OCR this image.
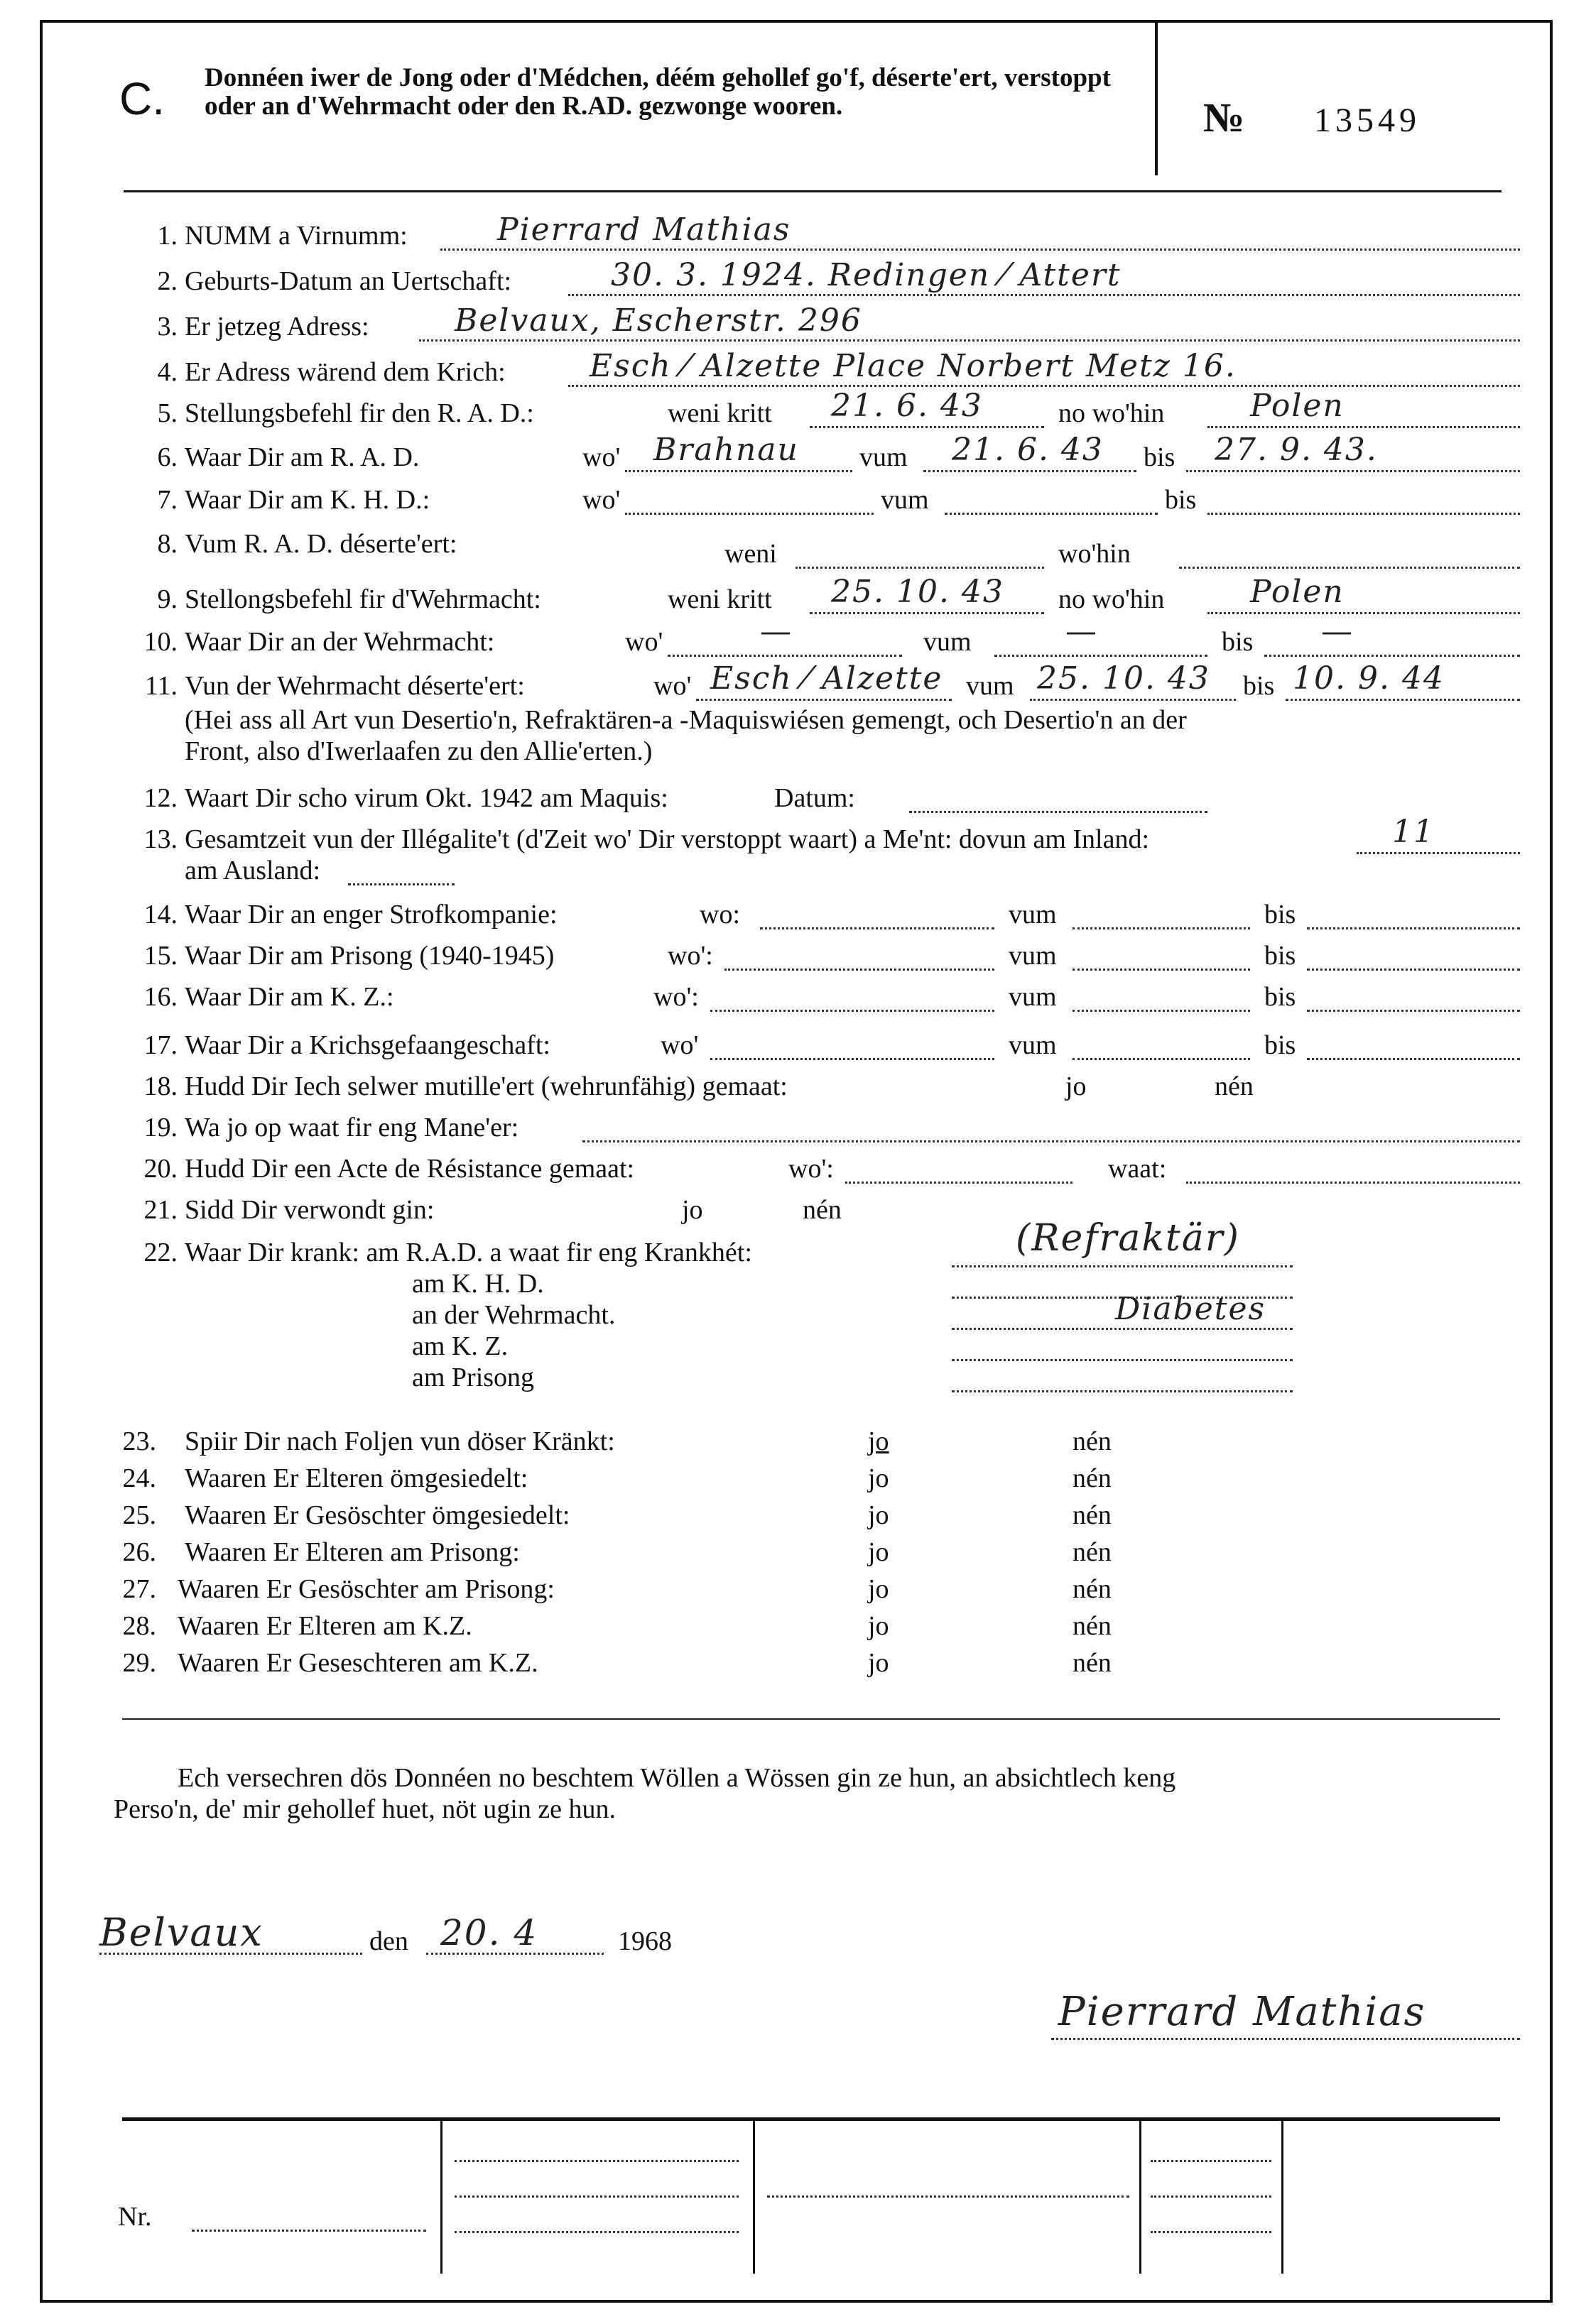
C. Donnéen iwer de Jong oder d'Médchen, déém gehollef go'f, déserte'ert, verstoppt oder an d'Wehrmacht oder den R.AD. gezwonge wooren.	№ 13549
1. NUMM a Virnumm:	Pierrard Mathias
2. Geburts-Datum an Uertschaft:	30. 3. 1924. Redingen ⁄ Attert
3. Er jetzeg Adress:	Belvaux, Escherstr. 296
4. Er Adress wärend dem Krich:	Esch ⁄ Alzette Place Norbert Metz 16.
5. Stellungsbefehl fir den R. A. D.:	weni kritt 21. 6. 43	no wo'hin	Polen
6. Waar Dir am R. A. D.	wo' Brahnau vum 21. 6. 43 bis 27. 9. 43.
7. Waar Dir am K. H. D.:	wo'	vum	bis
8. Vum R. A. D. déserte'ert:	weni	wo'hin
9. Stellongsbefehl fir d'Wehrmacht:	weni kritt 25. 10. 43 no wo'hin	Polen
10. Waar Dir an der Wehrmacht:	wo'	—	vum	—	bis —
11. Vun der Wehrmacht déserte'ert:	wo' Esch ⁄ Alzette vum 25. 10. 43 bis 10. 9. 44
(Hei ass all Art vun Desertio'n, Refraktären-a -Maquiswiésen gemengt, och Desertio'n an der
Front, also d'Iwerlaafen zu den Allie'erten.)
12. Waart Dir scho virum Okt. 1942 am Maquis:	Datum:
13. Gesamtzeit vun der Illégalite't (d'Zeit wo' Dir verstoppt waart) a Me'nt: dovun am Inland:	11
am Ausland:
14. Waar Dir an enger Strofkompanie:	wo:	vum	bis
15. Waar Dir am Prisong (1940-1945)	wo':	vum	bis
16. Waar Dir am K. Z.:	wo':	vum	bis
17. Waar Dir a Krichsgefaangeschaft:	wo'	vum	bis
18. Hudd Dir Iech selwer mutille'ert (wehrunfähig) gemaat:	jo	nén
19. Wa jo op waat fir eng Mane'er:
20. Hudd Dir een Acte de Résistance gemaat:	wo':	waat:
21. Sidd Dir verwondt gin:	jo	nén
22. Waar Dir krank: am R.A.D. a waat fir eng Krankhét:	(Refraktär)
am K. H. D.
an der Wehrmacht.	Diabetes
am K. Z.
am Prisong
23. Spiir Dir nach Foljen vun döser Kränkt:	jo	nén
24. Waaren Er Elteren ömgesiedelt:	jo	nén
25. Waaren Er Gesöschter ömgesiedelt:	jo	nén
26. Waaren Er Elteren am Prisong:	jo	nén
27. Waaren Er Gesöschter am Prisong:	jo	nén
28. Waaren Er Elteren am K.Z.	jo	nén
29. Waaren Er Geseschteren am K.Z.	jo	nén
Ech versechren dös Donnéen no beschtem Wöllen a Wössen gin ze hun, an absichtlech keng
Perso'n, de' mir gehollef huet, nöt ugin ze hun.
Belvaux	den 20. 4	1968
Pierrard Mathias
Nr.
